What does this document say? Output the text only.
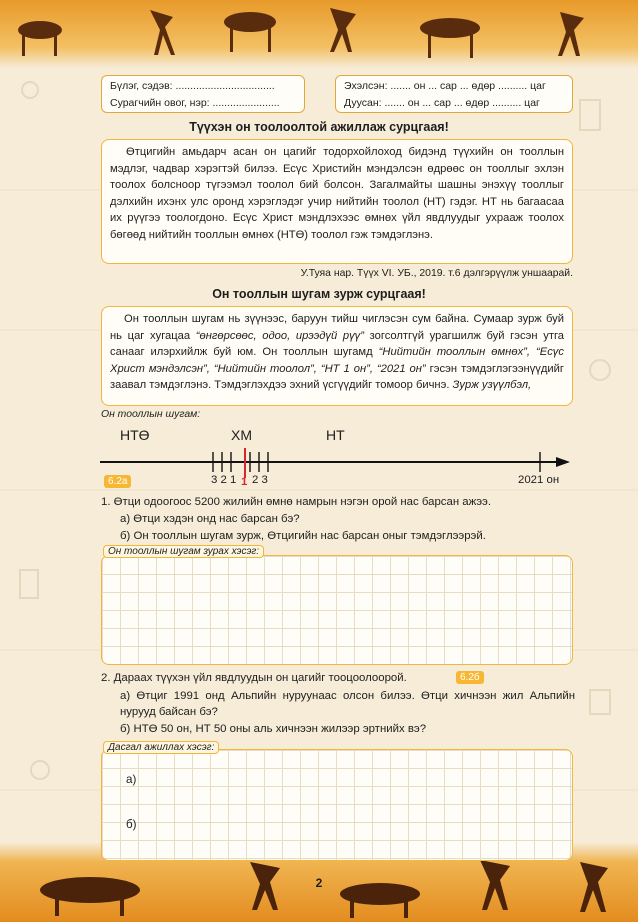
Бүлэг, сэдэв: ..................................
Сурагчийн овог, нэр: .......................
Эхэлсэн: ....... он ... сар ... өдөр .......... цаг
Дуусан: ....... он ... сар ... өдөр .......... цаг
Түүхэн он тоолоолтой ажиллаж сурцгаая!

Өтцигийн амьдарч асан он цагийг тодорхойлоход бидэнд түүхийн он тооллын мэдлэг, чадвар хэрэгтэй билээ. Есүс Христийн мэндэлсэн өдрөөс он тооллыг эхлэн тоолох болсноор түгээмэл тоолол бий болсон. Загалмайты шашны энэхүү тооллыг дэлхийн ихэнх улс оронд хэрэглэдэг учир нийтийн тоолол (НТ) гэдэг. НТ нь багаасаа их рүүгээ тоологдоно. Есүс Христ мэндлэхээс өмнөх үйл явдлуудыг ухрааж тоолох бөгөөд нийтийн тооллын өмнөх (НТӨ) тоолол гэж тэмдэглэнэ.

У.Туяа нар. Түүх VI. УБ., 2019. т.6 дэлгэрүүлж уншаарай.
Он тооллын шугам зурж сурцгаая!

Он тооллын шугам нь зүүнээс, баруун тийш чиглэсэн сум байна. Сумаар зурж буй нь цаг хугацаа “өнгөрсөөс, одоо, ирээдүй рүү” зогсолтгүй урагшилж буй гэсэн утга санааг илэрхийлж буй юм. Он тооллын шугамд “Нийтийн тооллын өмнөх”, “Есүс Христ мэндэлсэн”, “Нийтийн тоолол”, “НТ 1 он”, “2021 он” гэсэн тэмдэглэгээнүүдийг заавал тэмдэглэнэ. Тэмдэглэхдээ эхний үсгүүдийг томоор бичнэ. Зурж узүүлбэл,

Он тооллын шугам:
НТӨ	ХМ	НТ
6.2а	3 2 1 1 2 3	2021 он
1. Өтци одоогоос 5200 жилийн өмнө намрын нэгэн орой нас барсан ажээ.
а) Өтци хэдэн онд нас барсан бэ?
б) Он тооллын шугам зурж, Өтцигийн нас барсан оныг тэмдэглээрэй.
Он тооллын шугам зурах хэсэг:
2. Дараах түүхэн үйл явдлуудын он цагийг тооцоолоорой.	6.2б
а) Өтциг 1991 онд Альпийн нуруунаас олсон билээ. Өтци хичнээн жил Альпийн нурууд байсан бэ?
б) НТӨ 50 он, НТ 50 оны аль хичнээн жилээр эртнийх вэ?
Дасгал ажиллах хэсэг:
а)
б)
2
